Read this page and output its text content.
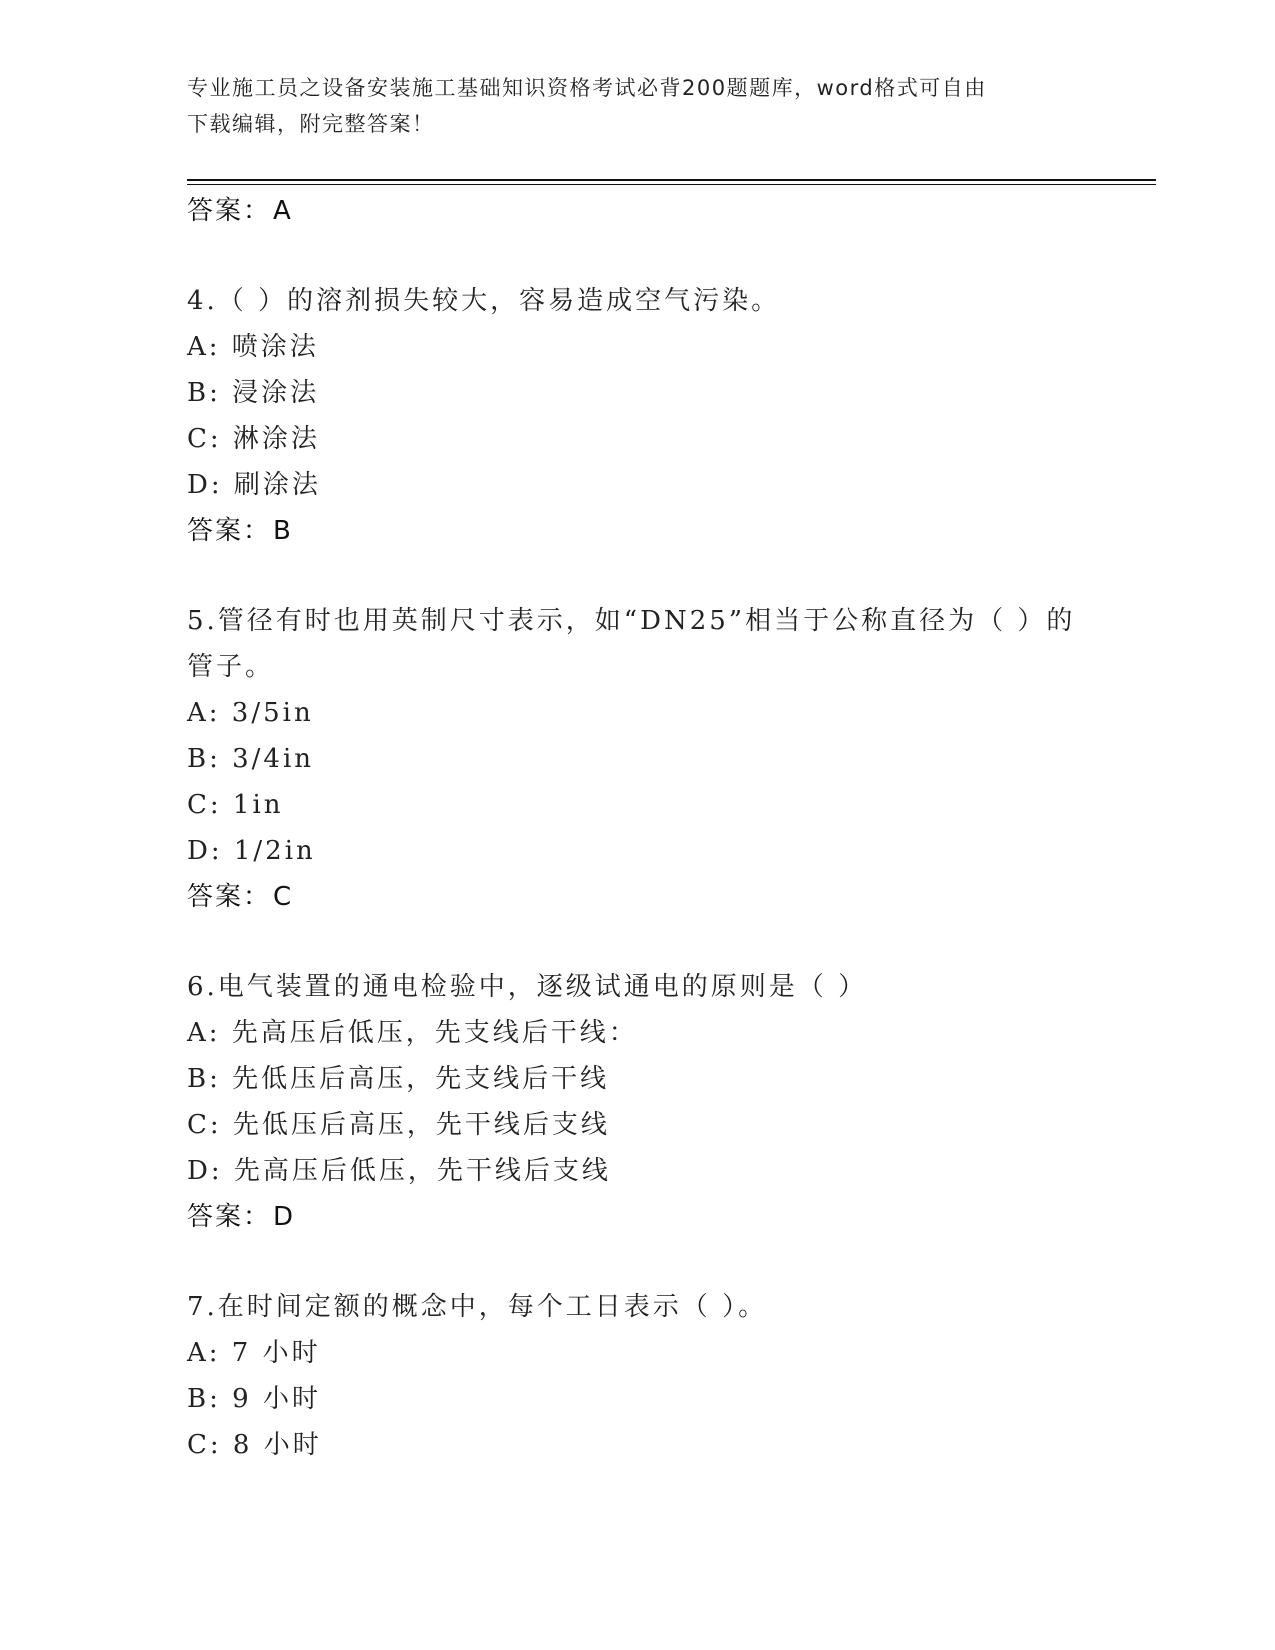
专业施工员之设备安装施工基础知识资格考试必背200题题库，word格式可自由
下载编辑，附完整答案！
答案：A
4.（ ）的溶剂损失较大，容易造成空气污染。
A: 喷涂法
B: 浸涂法
C: 淋涂法
D: 刷涂法
答案：B
5.管径有时也用英制尺寸表示，如“DN25”相当于公称直径为（ ）的
管子。
A: 3/5in
B: 3/4in
C: 1in
D: 1/2in
答案：C
6.电气装置的通电检验中，逐级试通电的原则是（ ）
A: 先高压后低压，先支线后干线：
B: 先低压后高压，先支线后干线
C: 先低压后高压，先干线后支线
D: 先高压后低压，先干线后支线
答案：D
7.在时间定额的概念中，每个工日表示（ ）。
A: 7 小时
B: 9 小时
C: 8 小时
